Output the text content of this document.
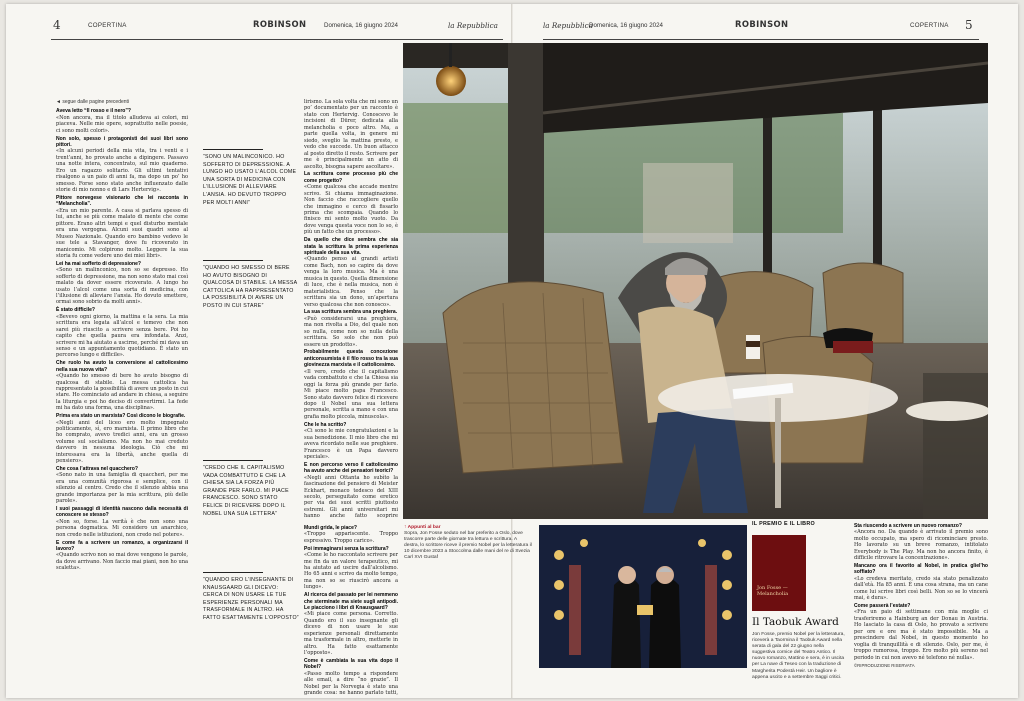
4	COPERTINA	ROBINSON	Domenica, 16 giugno 2024	la Repubblica	la Repubblica
Domenica, 16 giugno 2024	ROBINSON	COPERTINA 5
◄ segue dalle pagine precedenti

Aveva letto “Il rosso e il nero”?
«Non ancora, ma il titolo alludeva ai colori, mi piaceva. Nelle mie opere, soprattutto nelle poesie, ci sono molti colori».

Non solo, spesso i protagonisti dei suoi libri sono pittori.
«In alcuni periodi della mia vita, tra i venti e i trent’anni, ho provato anche a dipingere. Passavo una notte intera, concentrato, sul mio quaderno. Ero un ragazzo solitario. Gli ultimi tentativi risalgono a un paio di anni fa, ma dopo un po’ ho smesso. Forse sono stato anche influenzato dalle storie di mio nonno e di Lars Hertervig».

Pittore norvegese visionario che lei racconta in “Melancholia”.
«Era un mio parente. A casa si parlava spesso di lui, anche se più come malato di mente che come pittore. Erano altri tempi e quel disturbo mentale era una vergogna. Alcuni suoi quadri sono al Museo Nazionale. Quando ero bambino vedevo le sue tele a Stavanger, dove fu ricoverato in manicomio. Mi colpirono molto. Leggere la sua storia fu come vedere uno dei miei libri».

Lei ha mai sofferto di depressione?
«Sono un malinconico, non so se depresso. Ho sofferto di depressione, ma non sono stato mai così malato da dover essere ricoverato. A lungo ho usato l’alcol come una sorta di medicina, con l’illusione di alleviare l’ansia. Ho dovuto smettere, ormai sono sobrio da molti anni».

È stato difficile?
«Bevevo ogni giorno, la mattina e la sera. La mia scrittura era legata all’alcol e temevo che non sarei più riuscito a scrivere senza bere. Poi ho capito che quella paura era infondata. Anzi, scrivere mi ha aiutato a uscirne, perché mi dava un senso e un appuntamento quotidiano. È stato un percorso lungo e difficile».

Che ruolo ha avuto la conversione al cattolicesimo nella sua nuova vita?
«Quando ho smesso di bere ho avuto bisogno di qualcosa di stabile. La messa cattolica ha rappresentato la possibilità di avere un posto in cui stare. Ho cominciato ad andare in chiesa, a seguire la liturgia e poi ho deciso di convertirmi. La fede mi ha dato una forma, una disciplina».

Prima era stato un marxista? Così dicono le biografie.
«Negli anni del liceo ero molto impegnato politicamente, sì, ero marxista. Il primo libro che ho comprato, avevo tredici anni, era un grosso volume sul socialismo. Ma non ho mai creduto davvero in nessuna ideologia. Ciò che mi interessava era la libertà, anche quella di pensiero».

Che cosa l’attrava nel quacchero?
«Sono nato in una famiglia di quaccheri, per me era una comunità rigorosa e semplice, con il silenzio al centro. Credo che il silenzio abbia una grande importanza per la mia scrittura, più delle parole».

I suoi passaggi di identità nascono dalla necessità di conoscere se stesso?
«Non so, forse. La verità è che non sono una persona dogmatica. Mi considero un anarchico, non credo nelle istituzioni, non credo nel potere».

E come fa a scrivere un romanzo, a organizzarsi il lavoro?
«Quando scrivo non so mai dove vengono le parole, da dove arrivano. Non faccio mai piani, non ho una scaletta».

“SONO UN MALINCONICO. HO SOFFERTO DI DEPRESSIONE. A LUNGO HO USATO L’ALCOL COME UNA SORTA DI MEDICINA CON L’ILLUSIONE DI ALLEVIARE L’ANSIA. HO DEVUTO TROPPO PER MOLTI ANNI”
“QUANDO HO SMESSO DI BERE HO AVUTO BISOGNO DI QUALCOSA DI STABILE. LA MESSA CATTOLICA HA RAPPRESENTATO LA POSSIBILITÀ DI AVERE UN POSTO IN CUI STARE”
“CREDO CHE IL CAPITALISMO VADA COMBATTUTO E CHE LA CHIESA SIA LA FORZA PIÙ GRANDE PER FARLO. MI PIACE FRANCESCO. SONO STATO FELICE DI RICEVERE DOPO IL NOBEL UNA SUA LETTERA”
“QUANDO ERO L’INSEGNANTE DI KNAUSGAARD GLI DICEVO: CERCA DI NON USARE LE TUE ESPERIENZE PERSONALI MA TRASFORMALE IN ALTRO. HA FATTO ESATTAMENTE L’OPPOSTO”

lirismo. La sola volta che mi sono un po’ documentato per un racconto è stato con Hertervig. Conoscevo le incisioni di Dürer, dedicata alla melancholia e poco altro. Ma, a parte quella volta, in genere mi siedo, sveglio la mattina presto, e vedo che succede. Un buon attacco al posto diretto il resto. Scrivere per me è principalmente un atto di ascolto, bisogna sapere ascoltare».

La scrittura come processo più che come progetto?
«Come qualcosa che accade mentre scrivo. Si chiama immaginazione. Non faccio che raccogliere quello che immagino e cerco di fissarlo prima che scompaia. Quando lo finisco mi sento molto vuoto. Da dove venga questa voce non lo so, è più un fatto che un processo».

Da quello che dice sembra che sia stata la scrittura la prima esperienza spirituale della sua vita.
«Quando penso ai grandi artisti come Bach, non so capire da dove venga la loro musica. Ma è una musica in questo. Quella dimensione di luce, che è nella musica, non è materialistica. Penso che la scrittura sia un dono, un’apertura verso qualcosa che non conosco».

La sua scrittura sembra una preghiera.
«Può considerarsi una preghiera, ma non rivolta a Dio, del quale non so nulla, come non so nulla della scrittura. So solo che non può essere un prodotto».

Probabilmente questa concezione anticonsumista è il filo rosso tra la sua giovinezza marxista e il cattolicesimo.
«Il vero, credo che il capitalismo vada combattuto e che la Chiesa sia oggi la forza più grande per farlo. Mi piace molto papa Francesco. Sono stato davvero felice di ricevere dopo il Nobel una sua lettera personale, scritta a mano e con una grafia molto piccola, minuscola».

Che le ha scritto?
«Ci sono le mie congratulazioni e la sua benedizione. Il mio libro che mi aveva ricordato nelle sue preghiere. Francesco è un Papa davvero speciale».

E non percorso verso il cattolicesimo ha avuto anche dei pensatori teorici?
«Negli anni Ottanta ho subìto la fascinazione del pensiero di Meister Eckhart, monaco tedesco del XIII secolo, perseguitato come eretico per via dei suoi scritti piuttosto estremi. Gli anni universitari mi hanno anche fatto scoprire

Mundi grida, le piace?
«Troppo appariscente. Troppo espressivo. Troppo carico».

Poi immaginarsi senza la scrittura?
«Come le ho raccontato scrivere per me fin da un valore terapeutico, mi ha aiutato ad uscire dall’alcolismo. Ho 65 anni e scrivo da molto tempo, ma non so se riuscirò ancora a lungo».

Al ricerca del passato per lei nemmeno che sterminate ma siete sugli antipodi. Le piacciono i libri di Knausgaard?
«Mi piace come persona. Corretto. Quando ero il suo insegnante gli dicevo di non usare le sue esperienze personali direttamente ma trasformale in altro, metterle in altro. Ha fatto esattamente l’opposto».

Come è cambiata la sua vita dopo il Nobel?
«Passo molto tempo a rispondere alle email, a dire “no grazie”. Il Nobel per la Norvegia è stato una grande cosa: ne hanno parlato tutti,

↑ Appunti al bar
Sopra, Jon Fosse seduto nel bar preferito a Oslo, dove trascorre parte delle giornate tra lettura e scrittura. A destra, lo scrittore riceve il premio Nobel per la letteratura il 10 dicembre 2023 a Stoccolma dalle mani del re di Svezia Carl XVI Gustaf
IL PREMIO E IL LIBRO
Jon Fosse — Melancholia
Il Taobuk Award
Jon Fosse, premio Nobel per la letteratura, riceverà a Taormina il Taobuk Award nella serata di gala del 22 giugno nella suggestiva cornice del Teatro Antico. Il nuovo romanzo, Mattino e sera, è in uscita per La nave di Teseo con la traduzione di Margherita Podestà Heir. Un bagliore è appena uscito e a settembre Saggi critici.

Sta riuscendo a scrivere un nuovo romanzo?
«Ancora no. Da quando è arrivato il premio sono molto occupato, ma spero di ricominciare presto. Ho lavorato su un breve romanzo, intitolato Everybody is The Play. Ma non ho ancora finito, è difficile ritrovare la concentrazione».

Mancano ora il favorito al Nobel, in pratica gliel’ho soffiato?
«Lo credeva meritato, credo sia stato penalizzato dall’età. Ha 85 anni. È una cosa strana, ma un cane come lui scrive libri così belli. Non so se lo vincerà mai, è dura».

Come passerà l’estate?
«Fra un paio di settimane con mia moglie ci trasferiremo a Hainburg an der Donau in Austria. Ho lasciato la casa di Oslo, ho provato a scrivere per ore e ore ma è stato impossibile. Ma a prescindere dal Nobel, in questo momento ho voglia di tranquillità e di silenzio. Oslo, per me, è troppo rumorosa, troppo. Ero molto più sereno nel periodo in cui non avevo né telefono né nulla».

©RIPRODUZIONE RISERVATA
